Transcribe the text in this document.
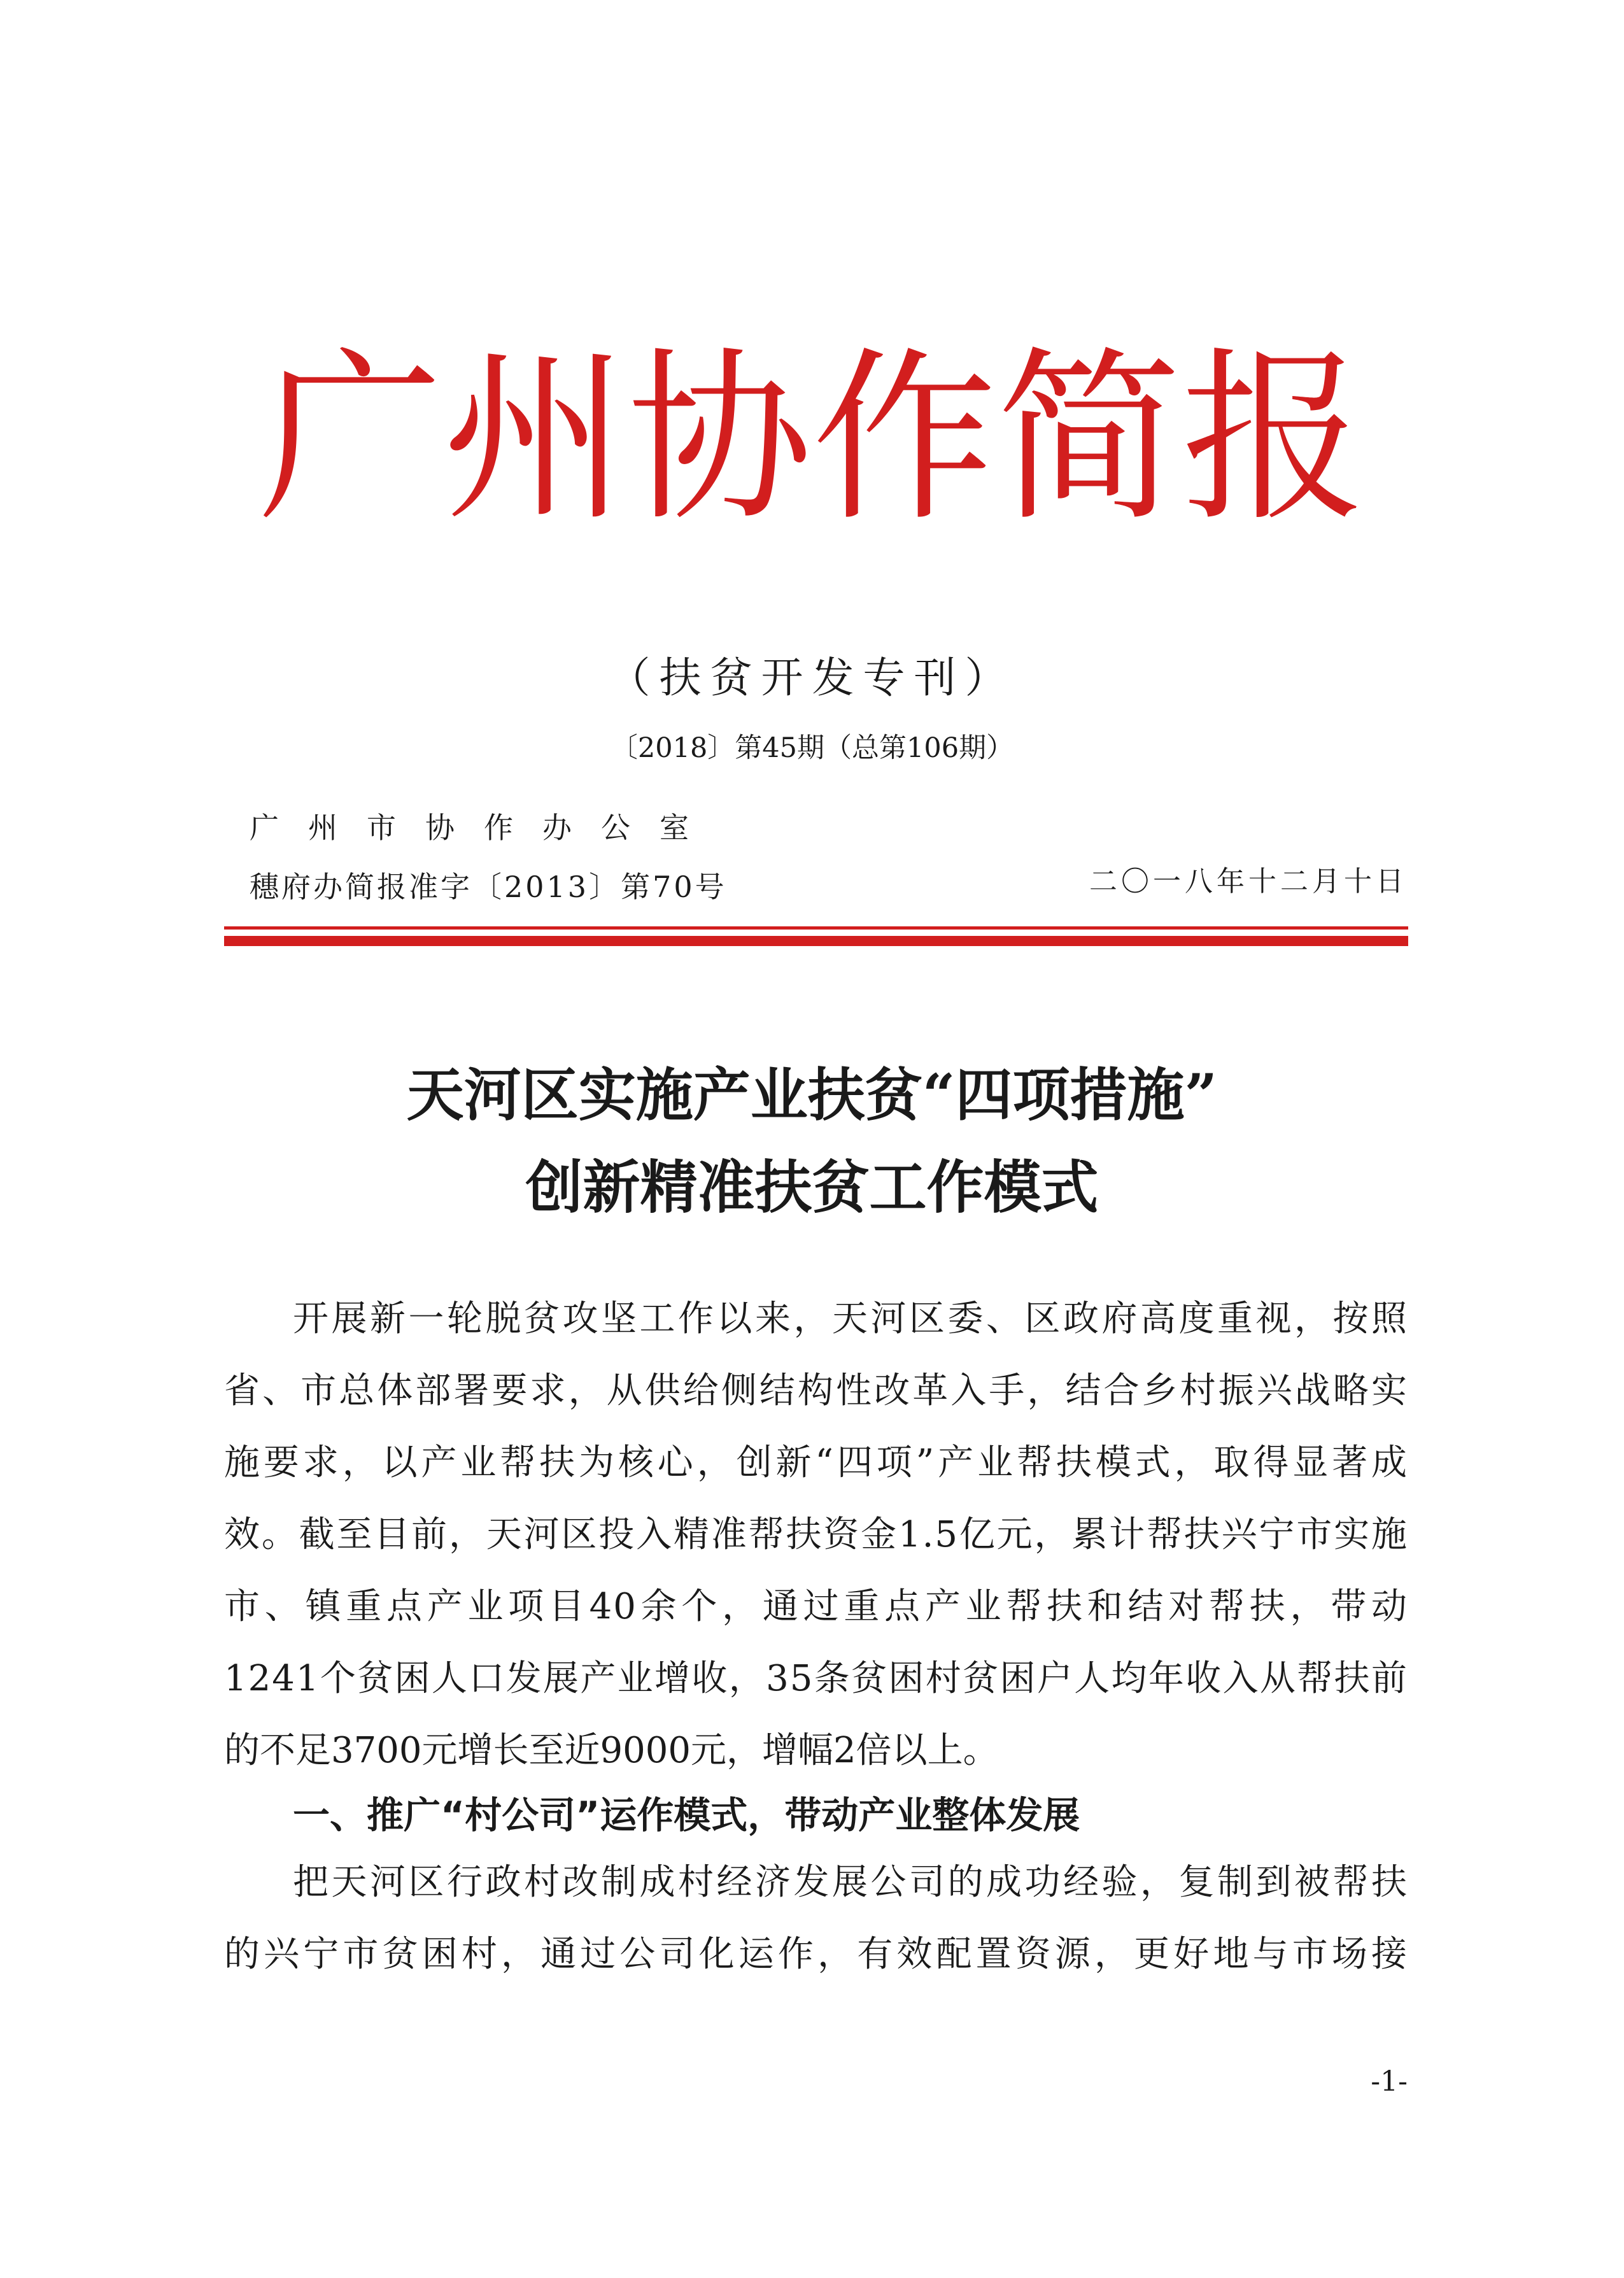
广州协作简报
（扶贫开发专刊）
〔2018〕第45期（总第106期）
广州市协作办公室
穗府办简报准字〔2013〕第70号	二〇一八年十二月十日
天河区实施产业扶贫“四项措施”
创新精准扶贫工作模式
开展新一轮脱贫攻坚工作以来，天河区委、区政府高度重视，按照
省、市总体部署要求，从供给侧结构性改革入手，结合乡村振兴战略实
施要求，以产业帮扶为核心，创新“四项”产业帮扶模式，取得显著成
效。截至目前，天河区投入精准帮扶资金1.5亿元，累计帮扶兴宁市实施
市、镇重点产业项目40余个，通过重点产业帮扶和结对帮扶，带动
1241个贫困人口发展产业增收，35条贫困村贫困户人均年收入从帮扶前
的不足3700元增长至近9000元，增幅2倍以上。
一、推广“村公司”运作模式，带动产业整体发展
把天河区行政村改制成村经济发展公司的成功经验，复制到被帮扶
的兴宁市贫困村，通过公司化运作，有效配置资源，更好地与市场接
-1-
